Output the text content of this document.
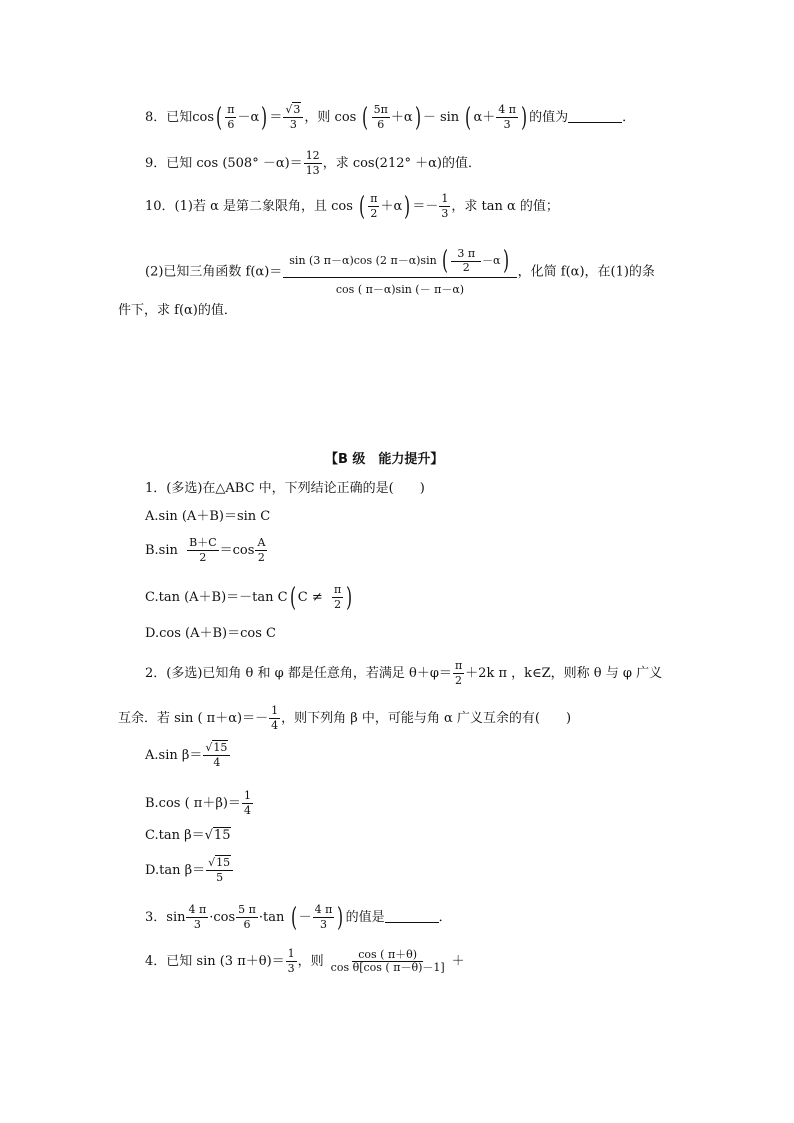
8．已知$\cos( \frac{\pi}{6} -\alpha) = \frac{√3}{3}$ ，则 cos ( $\frac{5\pi}{6} +\alpha) - \sin$ ( $\alpha+ \frac{4 \pi}{3}$ ) 的值为	．
9．已知 $\cos (508^\circ -\alpha)= \frac{12}{13}$ ，求 cos(212° ＋α)的值．
10．(1)若 α 是第二象限角，且 cos ( $\frac{\pi}{2} +\alpha) =- \frac{1}{3}$ ，求 tan α 的值；
(2)已知三角函数 $f(\alpha)= \frac{\sin (3 \pi-\alpha)\cos (2 \pi-\alpha)\sin ( \frac{3 \pi}{2} -\alpha)}{\cos ( \pi-\alpha)\sin (- \pi-\alpha)}$ ，化简 f(α)，在(1)的条
件下，求 f(α)的值．
【B 级　能力提升】
1．(多选)在△ABC 中，下列结论正确的是(　　)
A.sin (A＋B)＝sin C
$B.\sin \frac{B+C}{2} =\cos \frac{A}{2}$
C.tan (A＋B)＝－tan C( $C \ne \frac{\pi}{2}$ )
D.cos (A＋B)＝cos C
2．(多选)已知角 θ 和 φ 都是任意角，若满足 $\theta+\varphi= \frac{\pi}{2} +2k$ π ，k∈Z，则称 θ 与 φ 广义
互余．若 sin ( $\pi+\alpha)=- \frac{1}{4}$ ，则下列角 β 中，可能与角 α 广义互余的有(　　)
A.sin $\beta= \frac{√15}{4}$
B.cos ( $\pi+\beta)= \frac{1}{4}$
C.tan β＝√15
D.tan $\beta= \frac{√15}{5}$
3．$\sin \frac{4 \pi}{3} \cdot\cos \frac{5 \pi}{6} \cdot\tan$ ( － $\frac{4 \pi}{3}$ ) 的值是	．
4．已知 sin (3 $\pi+\theta)= \frac{1}{3}$ ，则 $\frac{\cos ( \pi+\theta)}{\text{cos θ[cos ( π－θ)－1]}}$ ＋
